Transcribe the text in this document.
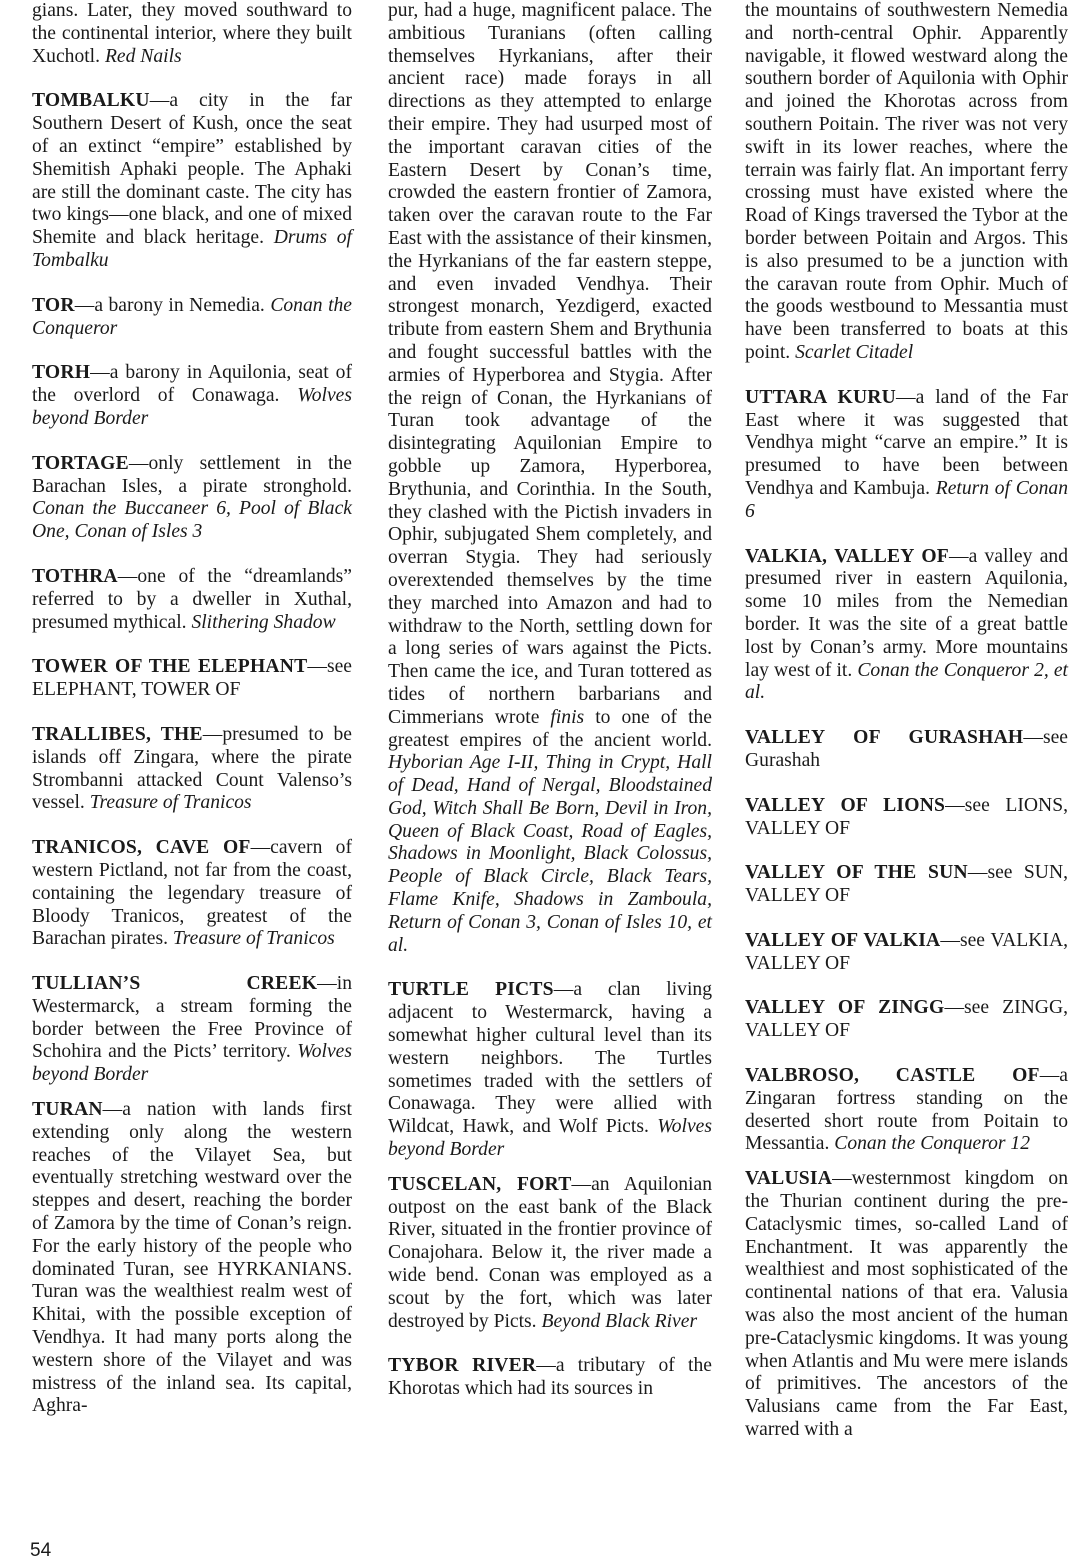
gians. Later, they moved southward to the continental interior, where they built Xuchotl. Red Nails

TOMBALKU—a city in the far Southern Desert of Kush, once the seat of an extinct “empire” established by Shemitish Aphaki people. The Aphaki are still the dominant caste. The city has two kings—one black, and one of mixed Shemite and black heritage. Drums of Tombalku

TOR—a barony in Nemedia. Conan the Conqueror

TORH—a barony in Aquilonia, seat of the overlord of Conawaga. Wolves beyond Border

TORTAGE—only settlement in the Barachan Isles, a pirate stronghold. Conan the Buccaneer 6, Pool of Black One, Conan of Isles 3

TOTHRA—one of the “dreamlands” referred to by a dweller in Xuthal, presumed mythical. Slithering Shadow

TOWER OF THE ELEPHANT—see ELEPHANT, TOWER OF

TRALLIBES, THE—presumed to be islands off Zingara, where the pirate Strombanni attacked Count Valenso’s vessel. Treasure of Tranicos

TRANICOS, CAVE OF—cavern of western Pictland, not far from the coast, containing the legendary treasure of Bloody Tranicos, greatest of the Barachan pirates. Treasure of Tranicos

TULLIAN’S CREEK—in Westermarck, a stream forming the border between the Free Province of Schohira and the Picts’ territory. Wolves beyond Border

TURAN—a nation with lands first extending only along the western reaches of the Vilayet Sea, but eventually stretching westward over the steppes and desert, reaching the border of Zamora by the time of Conan’s reign. For the early history of the people who dominated Turan, see HYRKANIANS. Turan was the wealthiest realm west of Khitai, with the possible exception of Vendhya. It had many ports along the western shore of the Vilayet and was mistress of the inland sea. Its capital, Aghra-

pur, had a huge, magnificent palace. The ambitious Turanians (often calling themselves Hyrkanians, after their ancient race) made forays in all directions as they attempted to enlarge their empire. They had usurped most of the important caravan cities of the Eastern Desert by Conan’s time, crowded the eastern frontier of Zamora, taken over the caravan route to the Far East with the assistance of their kinsmen, the Hyrkanians of the far eastern steppe, and even invaded Vendhya. Their strongest monarch, Yezdigerd, exacted tribute from eastern Shem and Brythunia and fought successful battles with the armies of Hyperborea and Stygia. After the reign of Conan, the Hyrkanians of Turan took advantage of the disintegrating Aquilonian Empire to gobble up Zamora, Hyperborea, Brythunia, and Corinthia. In the South, they clashed with the Pictish invaders in Ophir, subjugated Shem completely, and overran Stygia. They had seriously overextended themselves by the time they marched into Amazon and had to withdraw to the North, settling down for a long series of wars against the Picts. Then came the ice, and Turan tottered as tides of northern barbarians and Cimmerians wrote finis to one of the greatest empires of the ancient world. Hyborian Age I-II, Thing in Crypt, Hall of Dead, Hand of Nergal, Bloodstained God, Witch Shall Be Born, Devil in Iron, Queen of Black Coast, Road of Eagles, Shadows in Moonlight, Black Colossus, People of Black Circle, Black Tears, Flame Knife, Shadows in Zamboula, Return of Conan 3, Conan of Isles 10, et al.

TURTLE PICTS—a clan living adjacent to Westermarck, having a somewhat higher cultural level than its western neighbors. The Turtles sometimes traded with the settlers of Conawaga. They were allied with Wildcat, Hawk, and Wolf Picts. Wolves beyond Border

TUSCELAN, FORT—an Aquilonian outpost on the east bank of the Black River, situated in the frontier province of Conajohara. Below it, the river made a wide bend. Conan was employed as a scout by the fort, which was later destroyed by Picts. Beyond Black River

TYBOR RIVER—a tributary of the Khorotas which had its sources in

the mountains of southwestern Nemedia and north-central Ophir. Apparently navigable, it flowed westward along the southern border of Aquilonia with Ophir and joined the Khorotas across from southern Poitain. The river was not very swift in its lower reaches, where the terrain was fairly flat. An important ferry crossing must have existed where the Road of Kings traversed the Tybor at the border between Poitain and Argos. This is also presumed to be a junction with the caravan route from Ophir. Much of the goods westbound to Messantia must have been transferred to boats at this point. Scarlet Citadel

UTTARA KURU—a land of the Far East where it was suggested that Vendhya might “carve an empire.” It is presumed to have been between Vendhya and Kambuja. Return of Conan 6

VALKIA, VALLEY OF—a valley and presumed river in eastern Aquilonia, some 10 miles from the Nemedian border. It was the site of a great battle lost by Conan’s army. More mountains lay west of it. Conan the Conqueror 2, et al.

VALLEY OF GURASHAH—see Gurashah

VALLEY OF LIONS—see LIONS, VALLEY OF

VALLEY OF THE SUN—see SUN, VALLEY OF

VALLEY OF VALKIA—see VALKIA, VALLEY OF

VALLEY OF ZINGG—see ZINGG, VALLEY OF

VALBROSO, CASTLE OF—a Zingaran fortress standing on the deserted short route from Poitain to Messantia. Conan the Conqueror 12

VALUSIA—westernmost kingdom on the Thurian continent during the pre-Cataclysmic times, so-called Land of Enchantment. It was apparently the wealthiest and most sophisticated of the continental nations of that era. Valusia was also the most ancient of the human pre-Cataclysmic kingdoms. It was young when Atlantis and Mu were mere islands of primitives. The ancestors of the Valusians came from the Far East, warred with a

54
